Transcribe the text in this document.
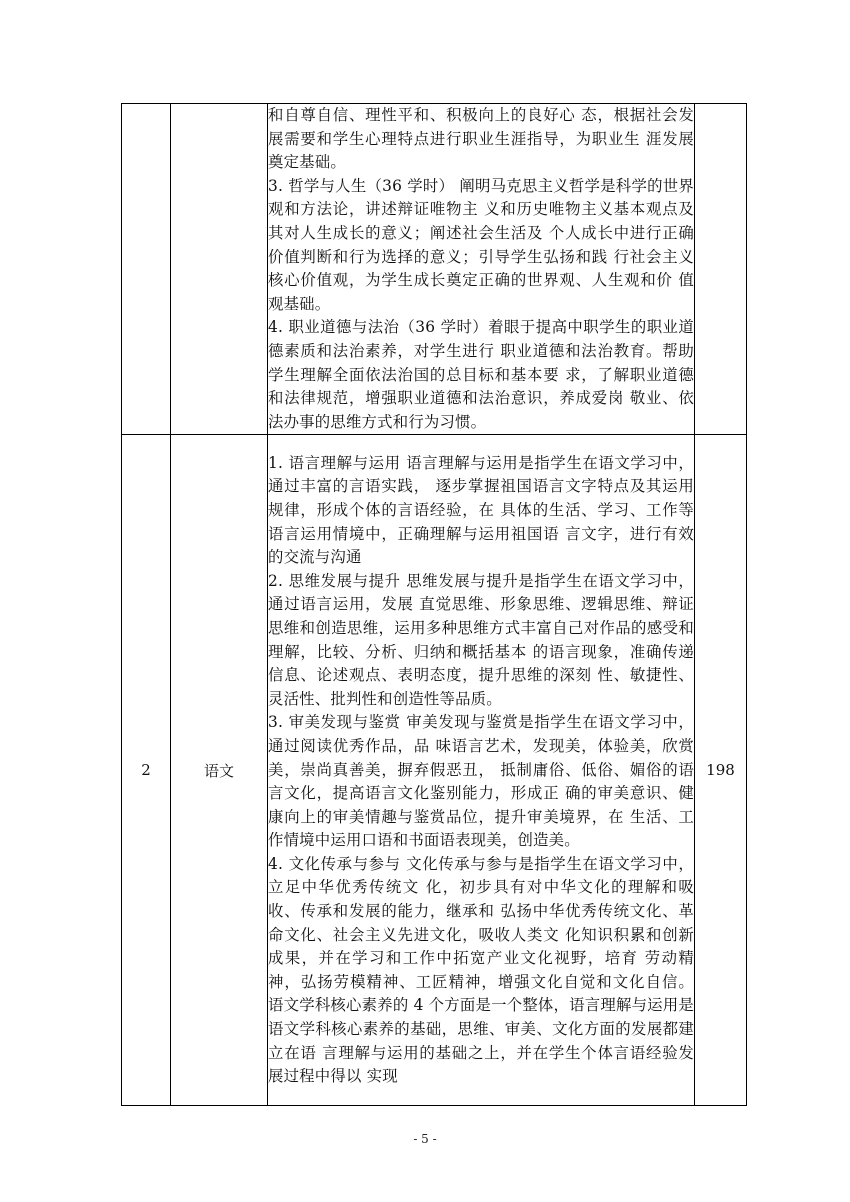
		和自尊自信、理性平和、积极向上的良好心 态，根据社会发展需要和学生心理特点进行职业生涯指导，为职业生 涯发展奠定基础。

3. 哲学与人生（36 学时） 阐明马克思主义哲学是科学的世界观和方法论，讲述辩证唯物主 义和历史唯物主义基本观点及其对人生成长的意义；阐述社会生活及 个人成长中进行正确价值判断和行为选择的意义；引导学生弘扬和践 行社会主义核心价值观，为学生成长奠定正确的世界观、人生观和价 值观基础。

4. 职业道德与法治（36 学时）着眼于提高中职学生的职业道德素质和法治素养，对学生进行 职业道德和法治教育。帮助学生理解全面依法治国的总目标和基本要 求，了解职业道德和法律规范，增强职业道德和法治意识，养成爱岗 敬业、依法办事的思维方式和行为习惯。	

2	语文	1. 语言理解与运用 语言理解与运用是指学生在语文学习中，通过丰富的言语实践， 逐步掌握祖国语言文字特点及其运用规律，形成个体的言语经验，在 具体的生活、学习、工作等语言运用情境中，正确理解与运用祖国语 言文字，进行有效的交流与沟通

2. 思维发展与提升 思维发展与提升是指学生在语文学习中，通过语言运用，发展 直觉思维、形象思维、逻辑思维、辩证思维和创造思维，运用多种思维方式丰富自己对作品的感受和理解，比较、分析、归纳和概括基本 的语言现象，准确传递信息、论述观点、表明态度，提升思维的深刻 性、敏捷性、灵活性、批判性和创造性等品质。

3. 审美发现与鉴赏 审美发现与鉴赏是指学生在语文学习中，通过阅读优秀作品，品 味语言艺术，发现美，体验美，欣赏美，崇尚真善美，摒弃假恶丑， 抵制庸俗、低俗、媚俗的语言文化，提高语言文化鉴别能力，形成正 确的审美意识、健康向上的审美情趣与鉴赏品位，提升审美境界，在 生活、工作情境中运用口语和书面语表现美，创造美。

4. 文化传承与参与 文化传承与参与是指学生在语文学习中，立足中华优秀传统文 化，初步具有对中华文化的理解和吸收、传承和发展的能力，继承和 弘扬中华优秀传统文化、革命文化、社会主义先进文化，吸收人类文 化知识积累和创新成果，并在学习和工作中拓宽产业文化视野，培育 劳动精神，弘扬劳模精神、工匠精神，增强文化自觉和文化自信。 语文学科核心素养的 4 个方面是一个整体，语言理解与运用是 语文学科核心素养的基础，思维、审美、文化方面的发展都建立在语 言理解与运用的基础之上，并在学生个体言语经验发展过程中得以 实现	198
- 5 -
